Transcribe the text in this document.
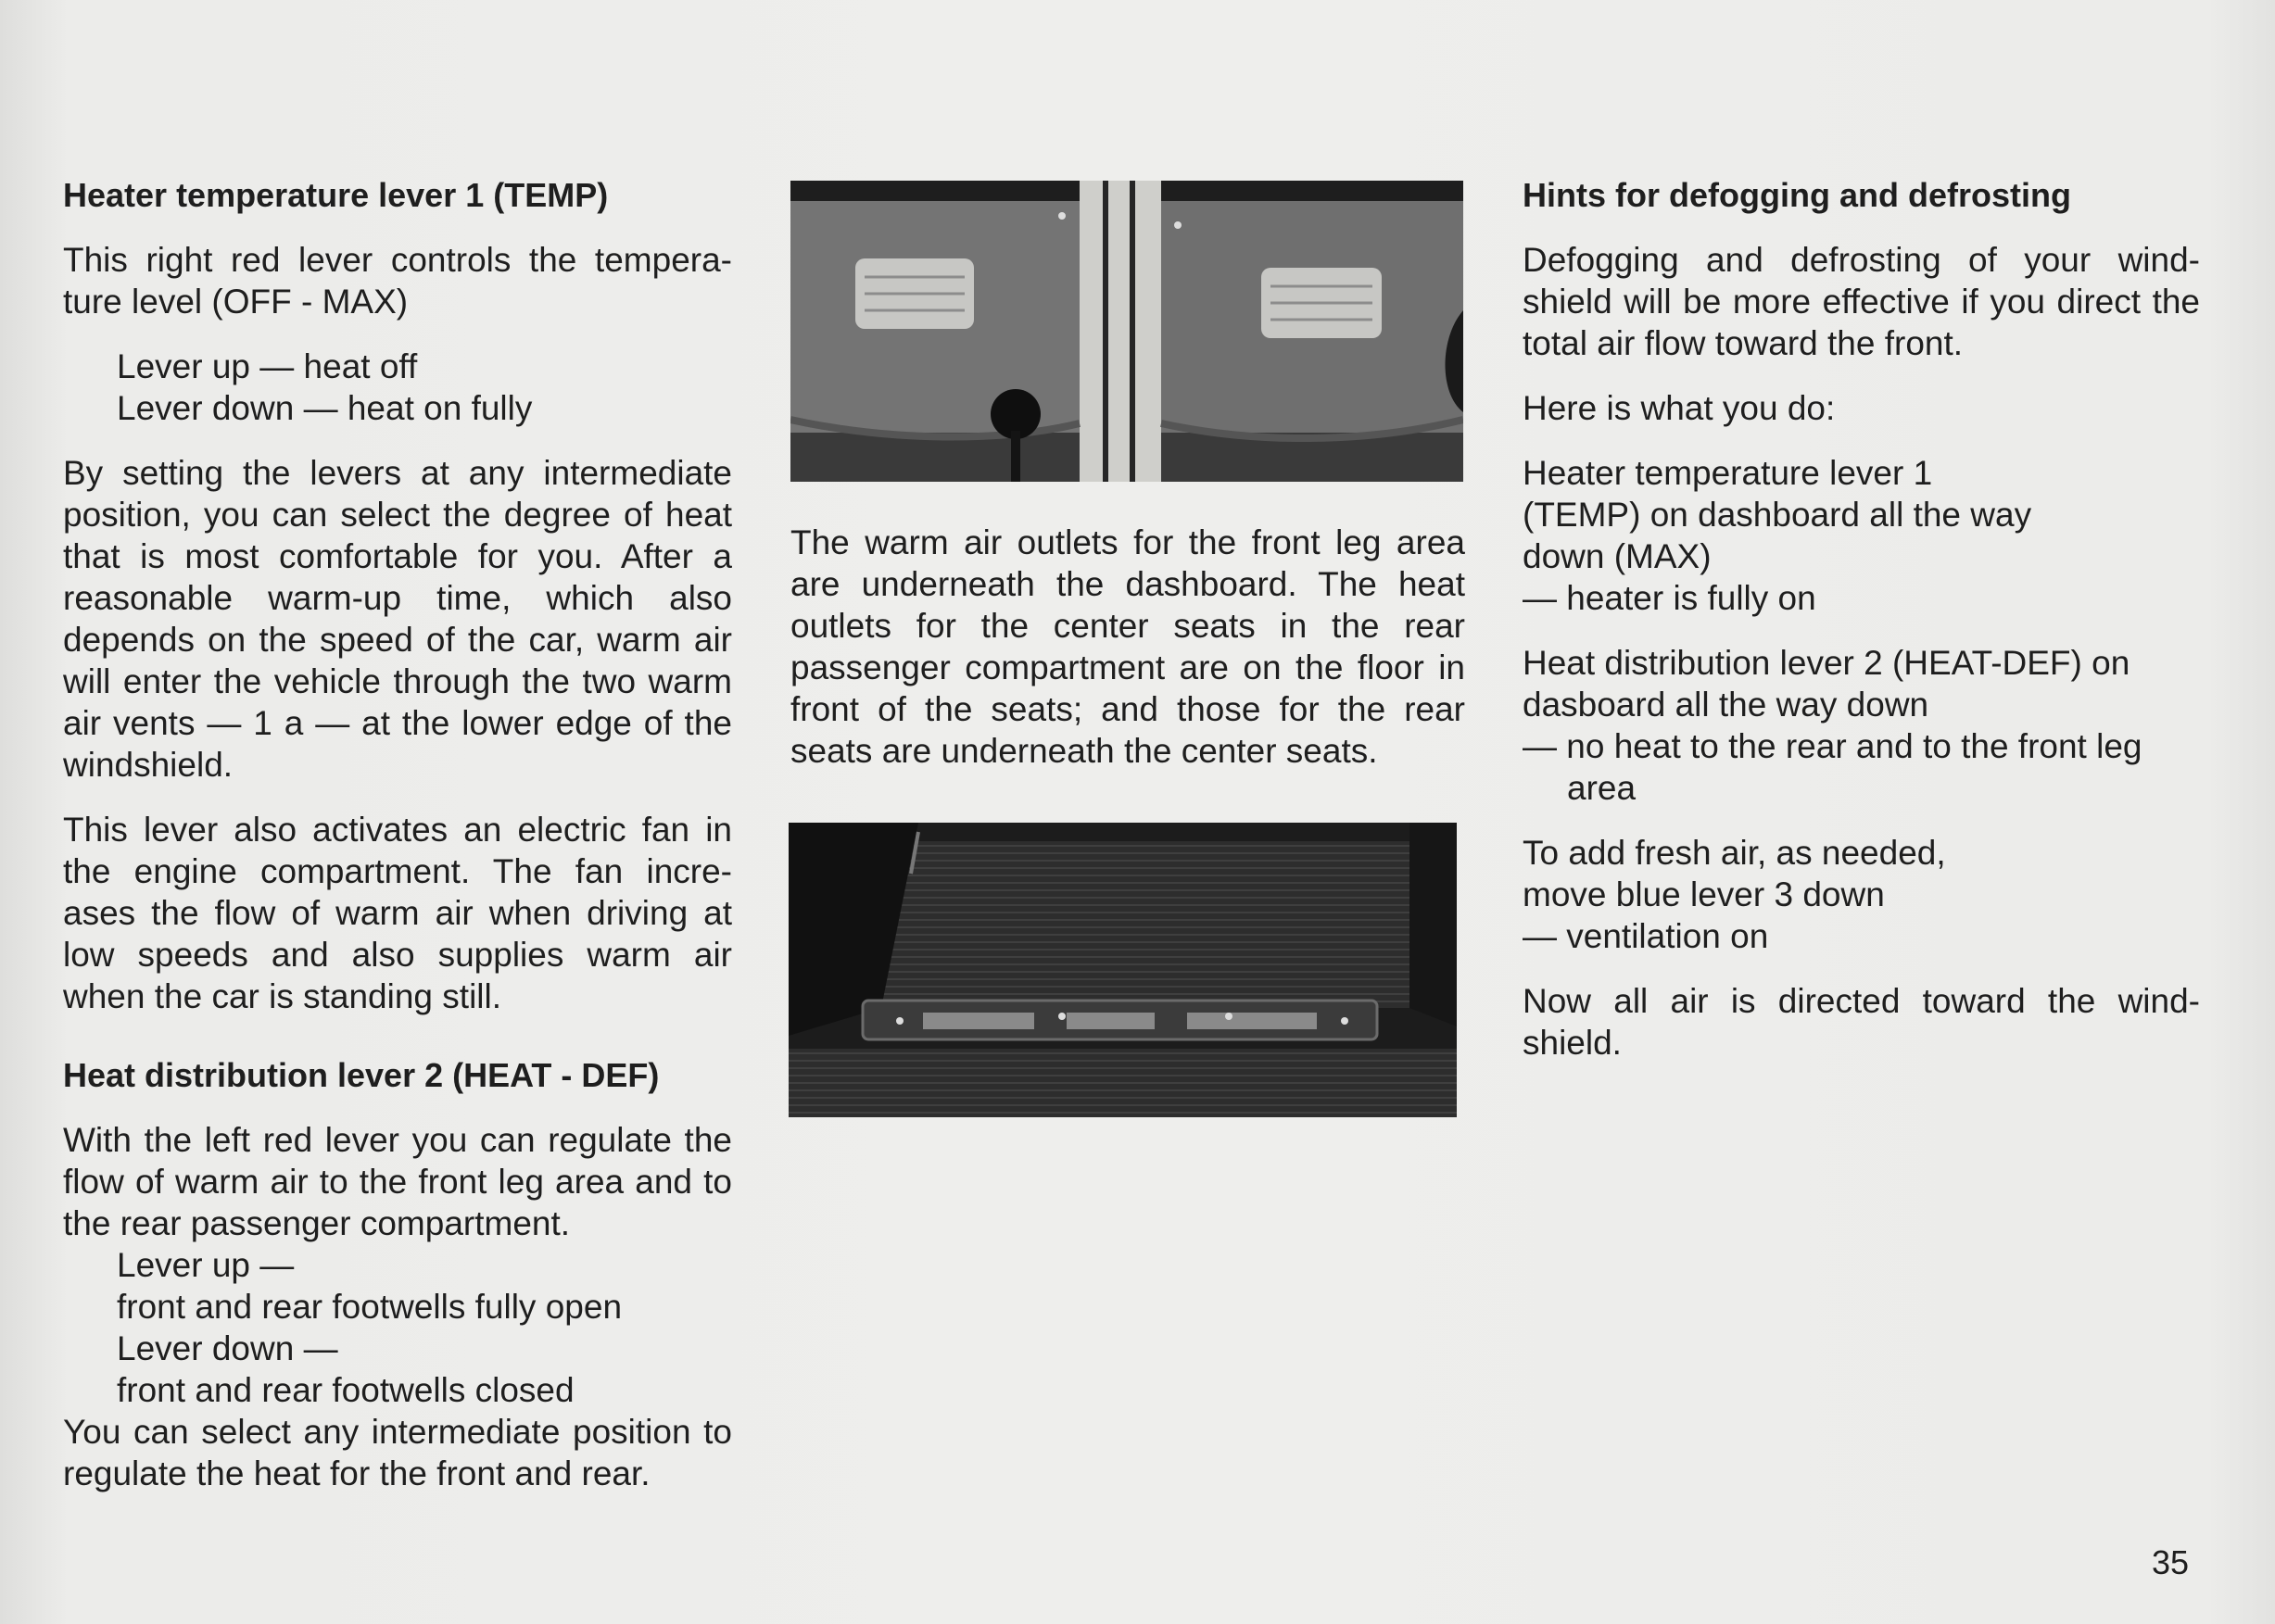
Heater temperature lever 1 (TEMP)

This right red lever controls the tempera-ture level (OFF - MAX)

Lever up — heat off

Lever down — heat on fully

By setting the levers at any intermediate position, you can select the degree of heat that is most comfortable for you. After a reasonable warm-up time, which also depends on the speed of the car, warm air will enter the vehicle through the two warm air vents — 1 a — at the lower edge of the windshield.

This lever also activates an electric fan in the engine compartment. The fan incre-ases the flow of warm air when driving at low speeds and also supplies warm air when the car is standing still.

Heat distribution lever 2 (HEAT - DEF)

With the left red lever you can regulate the flow of warm air to the front leg area and to the rear passenger compartment.

Lever up —

front and rear footwells fully open

Lever down —

front and rear footwells closed

You can select any intermediate position to regulate the heat for the front and rear.

The warm air outlets for the front leg area are underneath the dashboard. The heat outlets for the center seats in the rear passenger compartment are on the floor in front of the seats; and those for the rear seats are underneath the center seats.

Hints for defogging and defrosting

Defogging and defrosting of your wind-shield will be more effective if you direct the total air flow toward the front.

Here is what you do:

Heater temperature lever 1

(TEMP) on dashboard all the way

down (MAX)

— heater is fully on

Heat distribution lever 2 (HEAT-DEF) on

dasboard all the way down

— no heat to the rear and to the front leg area

To add fresh air, as needed,

move blue lever 3 down

— ventilation on

Now all air is directed toward the wind-shield.

35
